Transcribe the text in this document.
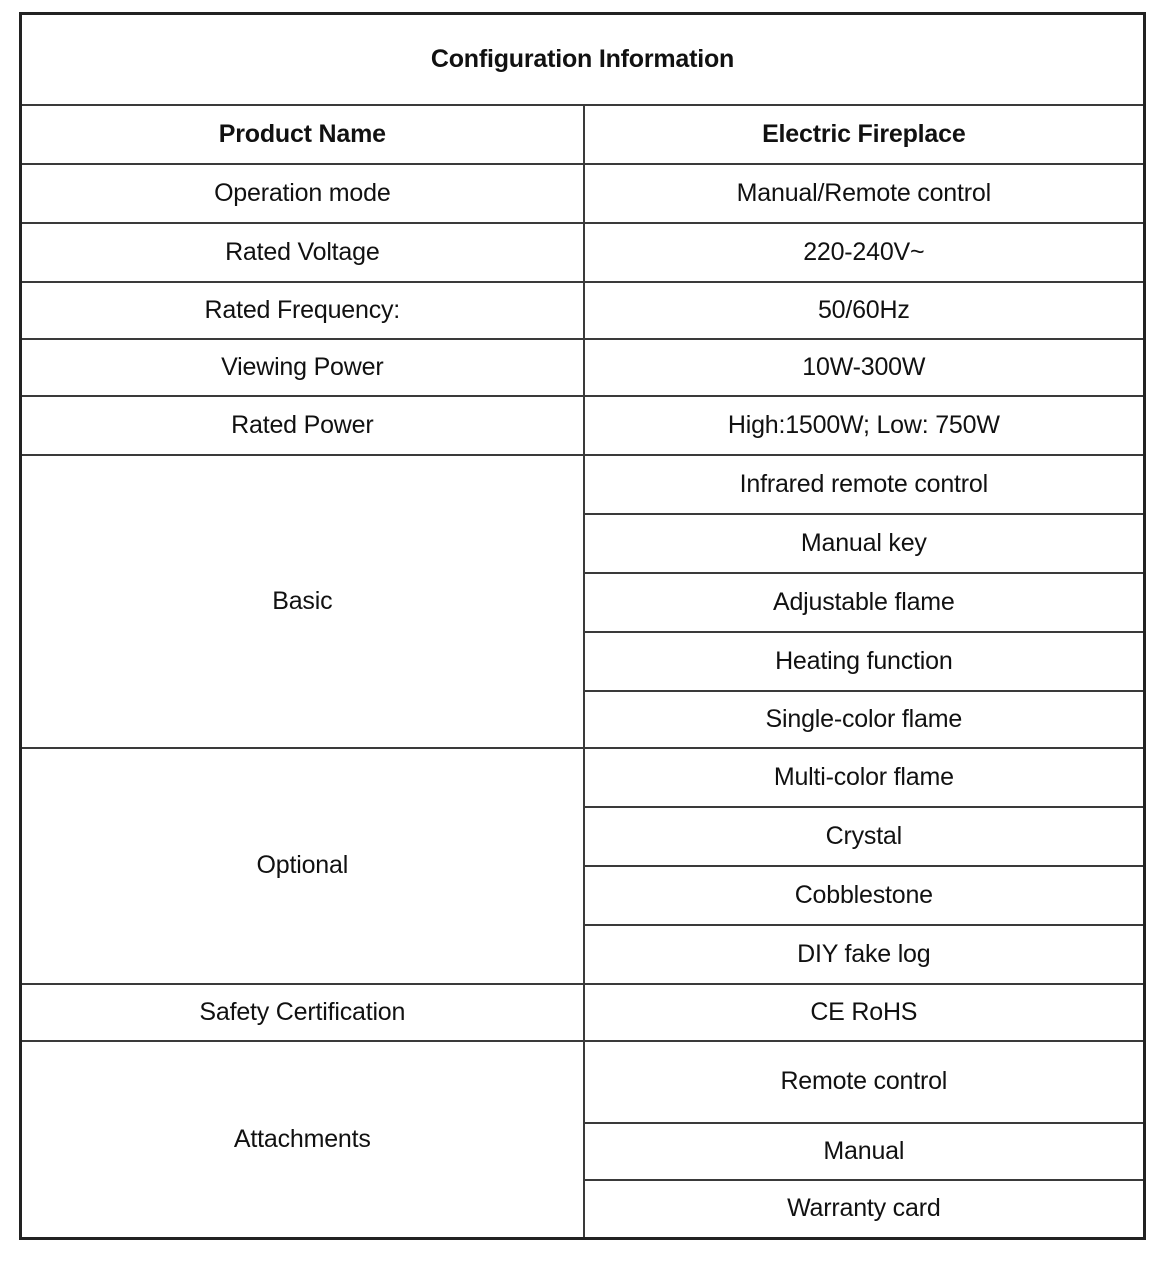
Configuration Information	
Product Name	Electric Fireplace
Operation mode	Manual/Remote control
Rated Voltage	220-240V~
Rated Frequency:	50/60Hz
Viewing Power	10W-300W
Rated Power	High:1500W; Low: 750W
Basic	Infrared remote control
	Manual key
	Adjustable flame
	Heating function
	Single-color flame
Optional	Multi-color flame
	Crystal
	Cobblestone
	DIY fake log
Safety Certification	CE RoHS
Attachments	Remote control
	Manual
	Warranty card
